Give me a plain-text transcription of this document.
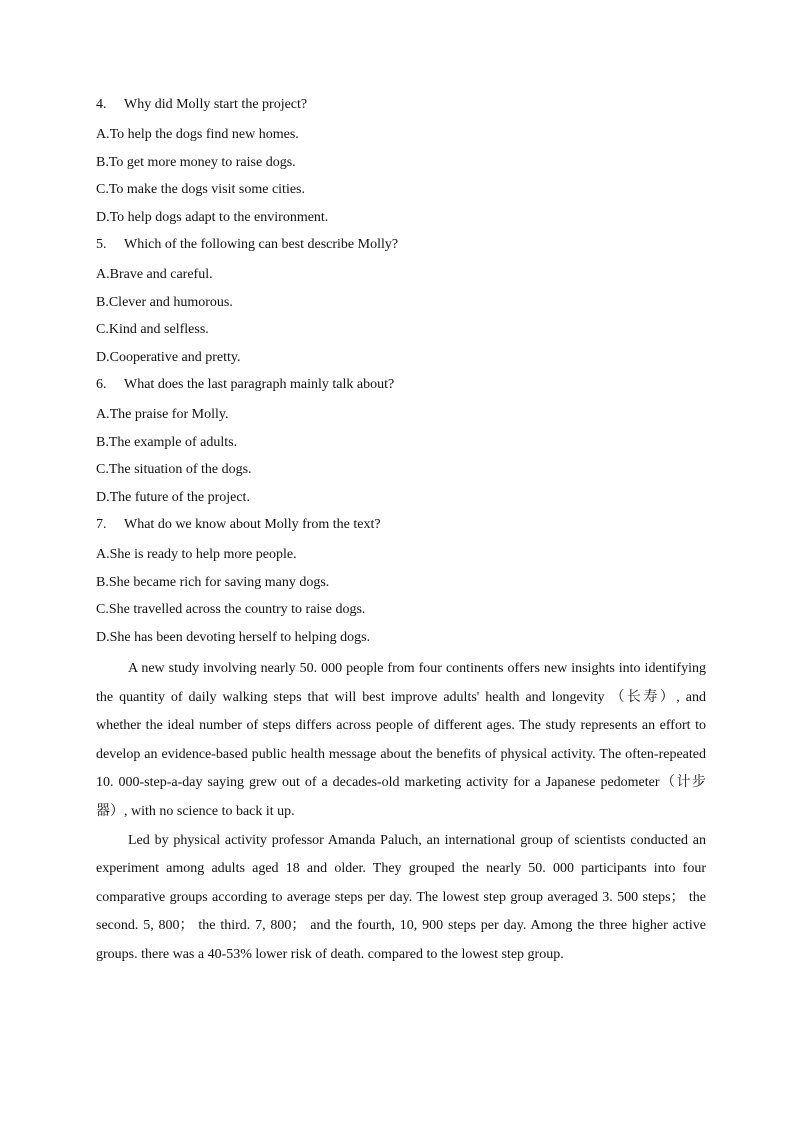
4. Why did Molly start the project?
A.To help the dogs find new homes.
B.To get more money to raise dogs.
C.To make the dogs visit some cities.
D.To help dogs adapt to the environment.
5. Which of the following can best describe Molly?
A.Brave and careful.
B.Clever and humorous.
C.Kind and selfless.
D.Cooperative and pretty.
6. What does the last paragraph mainly talk about?
A.The praise for Molly.
B.The example of adults.
C.The situation of the dogs.
D.The future of the project.
7. What do we know about Molly from the text?
A.She is ready to help more people.
B.She became rich for saving many dogs.
C.She travelled across the country to raise dogs.
D.She has been devoting herself to helping dogs.

A new study involving nearly 50. 000 people from four continents offers new insights into identifying the quantity of daily walking steps that will best improve adults' health and longevity （长寿）, and whether the ideal number of steps differs across people of different ages. The study represents an effort to develop an evidence-based public health message about the benefits of physical activity. The often-repeated 10. 000-step-a-day saying grew out of a decades-old marketing activity for a Japanese pedometer（计步器）, with no science to back it up.

Led by physical activity professor Amanda Paluch, an international group of scientists conducted an experiment among adults aged 18 and older. They grouped the nearly 50. 000 participants into four comparative groups according to average steps per day. The lowest step group averaged 3. 500 steps； the second. 5, 800； the third. 7, 800； and the fourth, 10, 900 steps per day. Among the three higher active groups. there was a 40-53% lower risk of death. compared to the lowest step group.
